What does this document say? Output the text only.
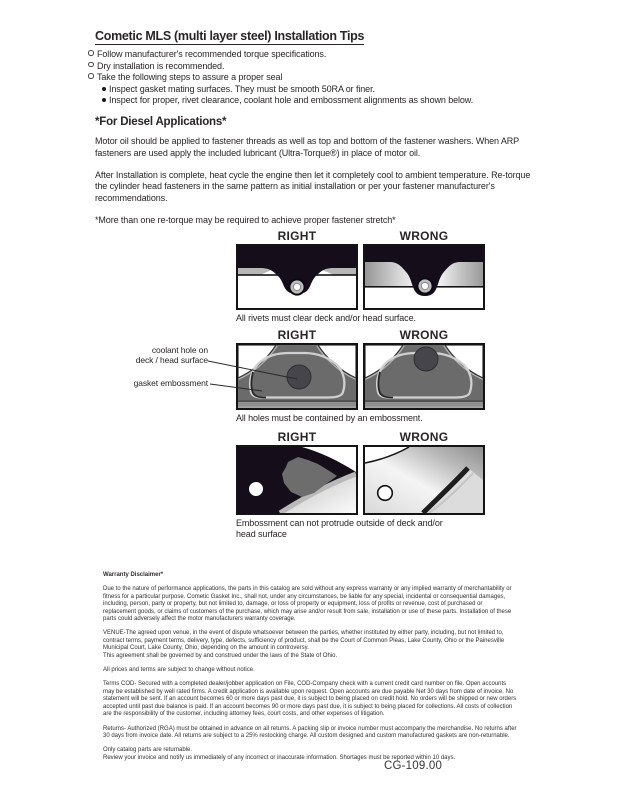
Cometic MLS (multi layer steel) Installation Tips
Follow manufacturer's recommended torque specifications.
Dry installation is recommended.
Take the following steps to assure a proper seal
Inspect gasket mating surfaces. They must be smooth 50RA or finer.
Inspect for proper, rivet clearance, coolant hole and embossment alignments as shown below.
*For Diesel Applications*

Motor oil should be applied to fastener threads as well as top and bottom of the fastener washers. When ARP fasteners are used apply the included lubricant (Ultra-Torque®) in place of motor oil.

After Installation is complete, heat cycle the engine then let it completely cool to ambient temperature. Re-torque the cylinder head fasteners in the same pattern as initial installation or per your fastener manufacturer's recommendations.

*More than one re-torque may be required to achieve proper fastener stretch*

RIGHT	WRONG
All rivets must clear deck and/or head surface.
RIGHT	WRONG
All holes must be contained by an embossment.
coolant hole on
deck / head surface
gasket embossment
RIGHT	WRONG
Embossment can not protrude outside of deck and/or head surface
Warranty Disclaimer*
Due to the nature of performance applications, the parts in this catalog are sold without any express warranty or any implied warranty of merchantability or fitness for a particular purpose. Cometic Gasket Inc., shall not, under any circumstances, be liable for any special, incidental or consequential damages, including, person, party or property, but not limited to, damage, or loss of property or equipment, loss of profits or revenue, cost of purchased or replacement goods, or claims of customers of the purchase, which may arise and/or result from sale, installation or use of these parts. Installation of these parts could adversely affect the motor manufacturers warranty coverage.
VENUE-The agreed upon venue, in the event of dispute whatsoever between the parties, whether instituted by either party, including, but not limited to, contract terms, payment terms, delivery, type, defects, sufficiency of product, shall be the Court of Common Pleas, Lake County, Ohio or the Painesville Municipal Court, Lake County, Ohio, depending on the amount in controversy.
This agreement shall be governed by and construed under the laws of the State of Ohio.
All prices and terms are subject to change without notice.
Terms COD- Secured with a completed dealer/jobber application on File, COD-Company check with a current credit card number on file. Open accounts may be established by well rated firms. A credit application is available upon request. Open accounts are due payable Net 30 days from date of invoice. No statement will be sent. If an account becomes 60 or more days past due, it is subject to being placed on credit hold. No orders will be shipped or new orders accepted until past due balance is paid. If an account becomes 90 or more days past due, it is subject to being placed for collections. All costs of collection are the responsibility of the customer, including attorney fees, court costs, and other expenses of litigation.
Returns- Authorized (RGA) must be obtained in advance on all returns. A packing slip or invoice number must accompany the merchandise. No returns after 30 days from invoice date. All returns are subject to a 25% restocking charge. All custom designed and custom manufactured gaskets are non-returnable.
Only catalog parts are returnable.
Review your invoice and notify us immediately of any incorrect or inaccurate information. Shortages must be reported within 10 days.
CG-109.00
